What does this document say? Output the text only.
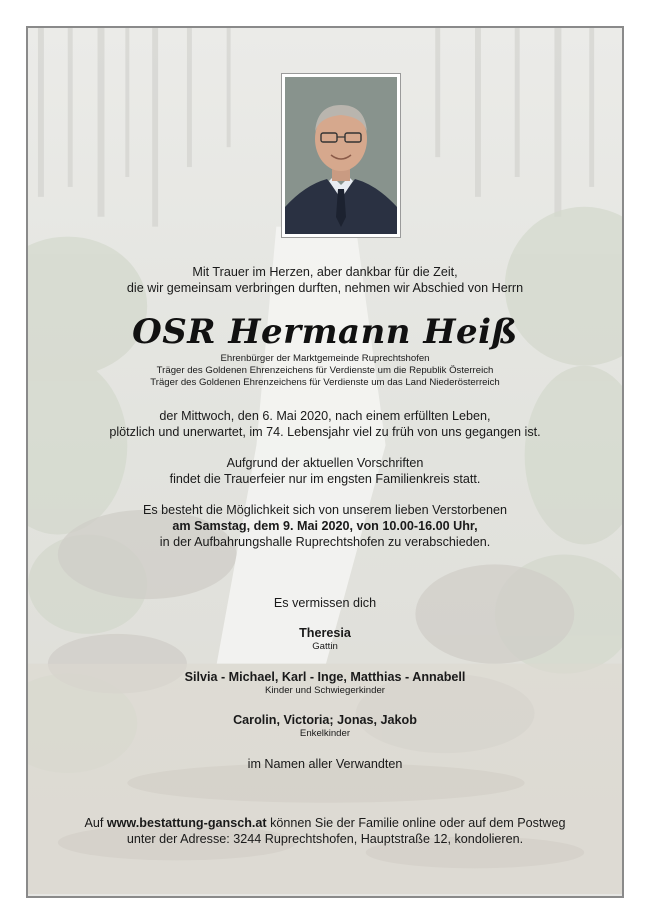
Mit Trauer im Herzen, aber dankbar für die Zeit,
die wir gemeinsam verbringen durften, nehmen wir Abschied von Herrn
OSR Hermann Heiß
Ehrenbürger der Marktgemeinde Ruprechtshofen
Träger des Goldenen Ehrenzeichens für Verdienste um die Republik Österreich
Träger des Goldenen Ehrenzeichens für Verdienste um das Land Niederösterreich
der Mittwoch, den 6. Mai 2020, nach einem erfüllten Leben,
plötzlich und unerwartet, im 74. Lebensjahr viel zu früh von uns gegangen ist.
Aufgrund der aktuellen Vorschriften
findet die Trauerfeier nur im engsten Familienkreis statt.
Es besteht die Möglichkeit sich von unserem lieben Verstorbenen
am Samstag, dem 9. Mai 2020, von 10.00-16.00 Uhr,
in der Aufbahrungshalle Ruprechtshofen zu verabschieden.
Es vermissen dich
Theresia
Gattin
Silvia - Michael, Karl - Inge, Matthias - Annabell
Kinder und Schwiegerkinder
Carolin, Victoria; Jonas, Jakob
Enkelkinder
im Namen aller Verwandten
Auf www.bestattung-gansch.at können Sie der Familie online oder auf dem Postweg
unter der Adresse: 3244 Ruprechtshofen, Hauptstraße 12, kondolieren.
